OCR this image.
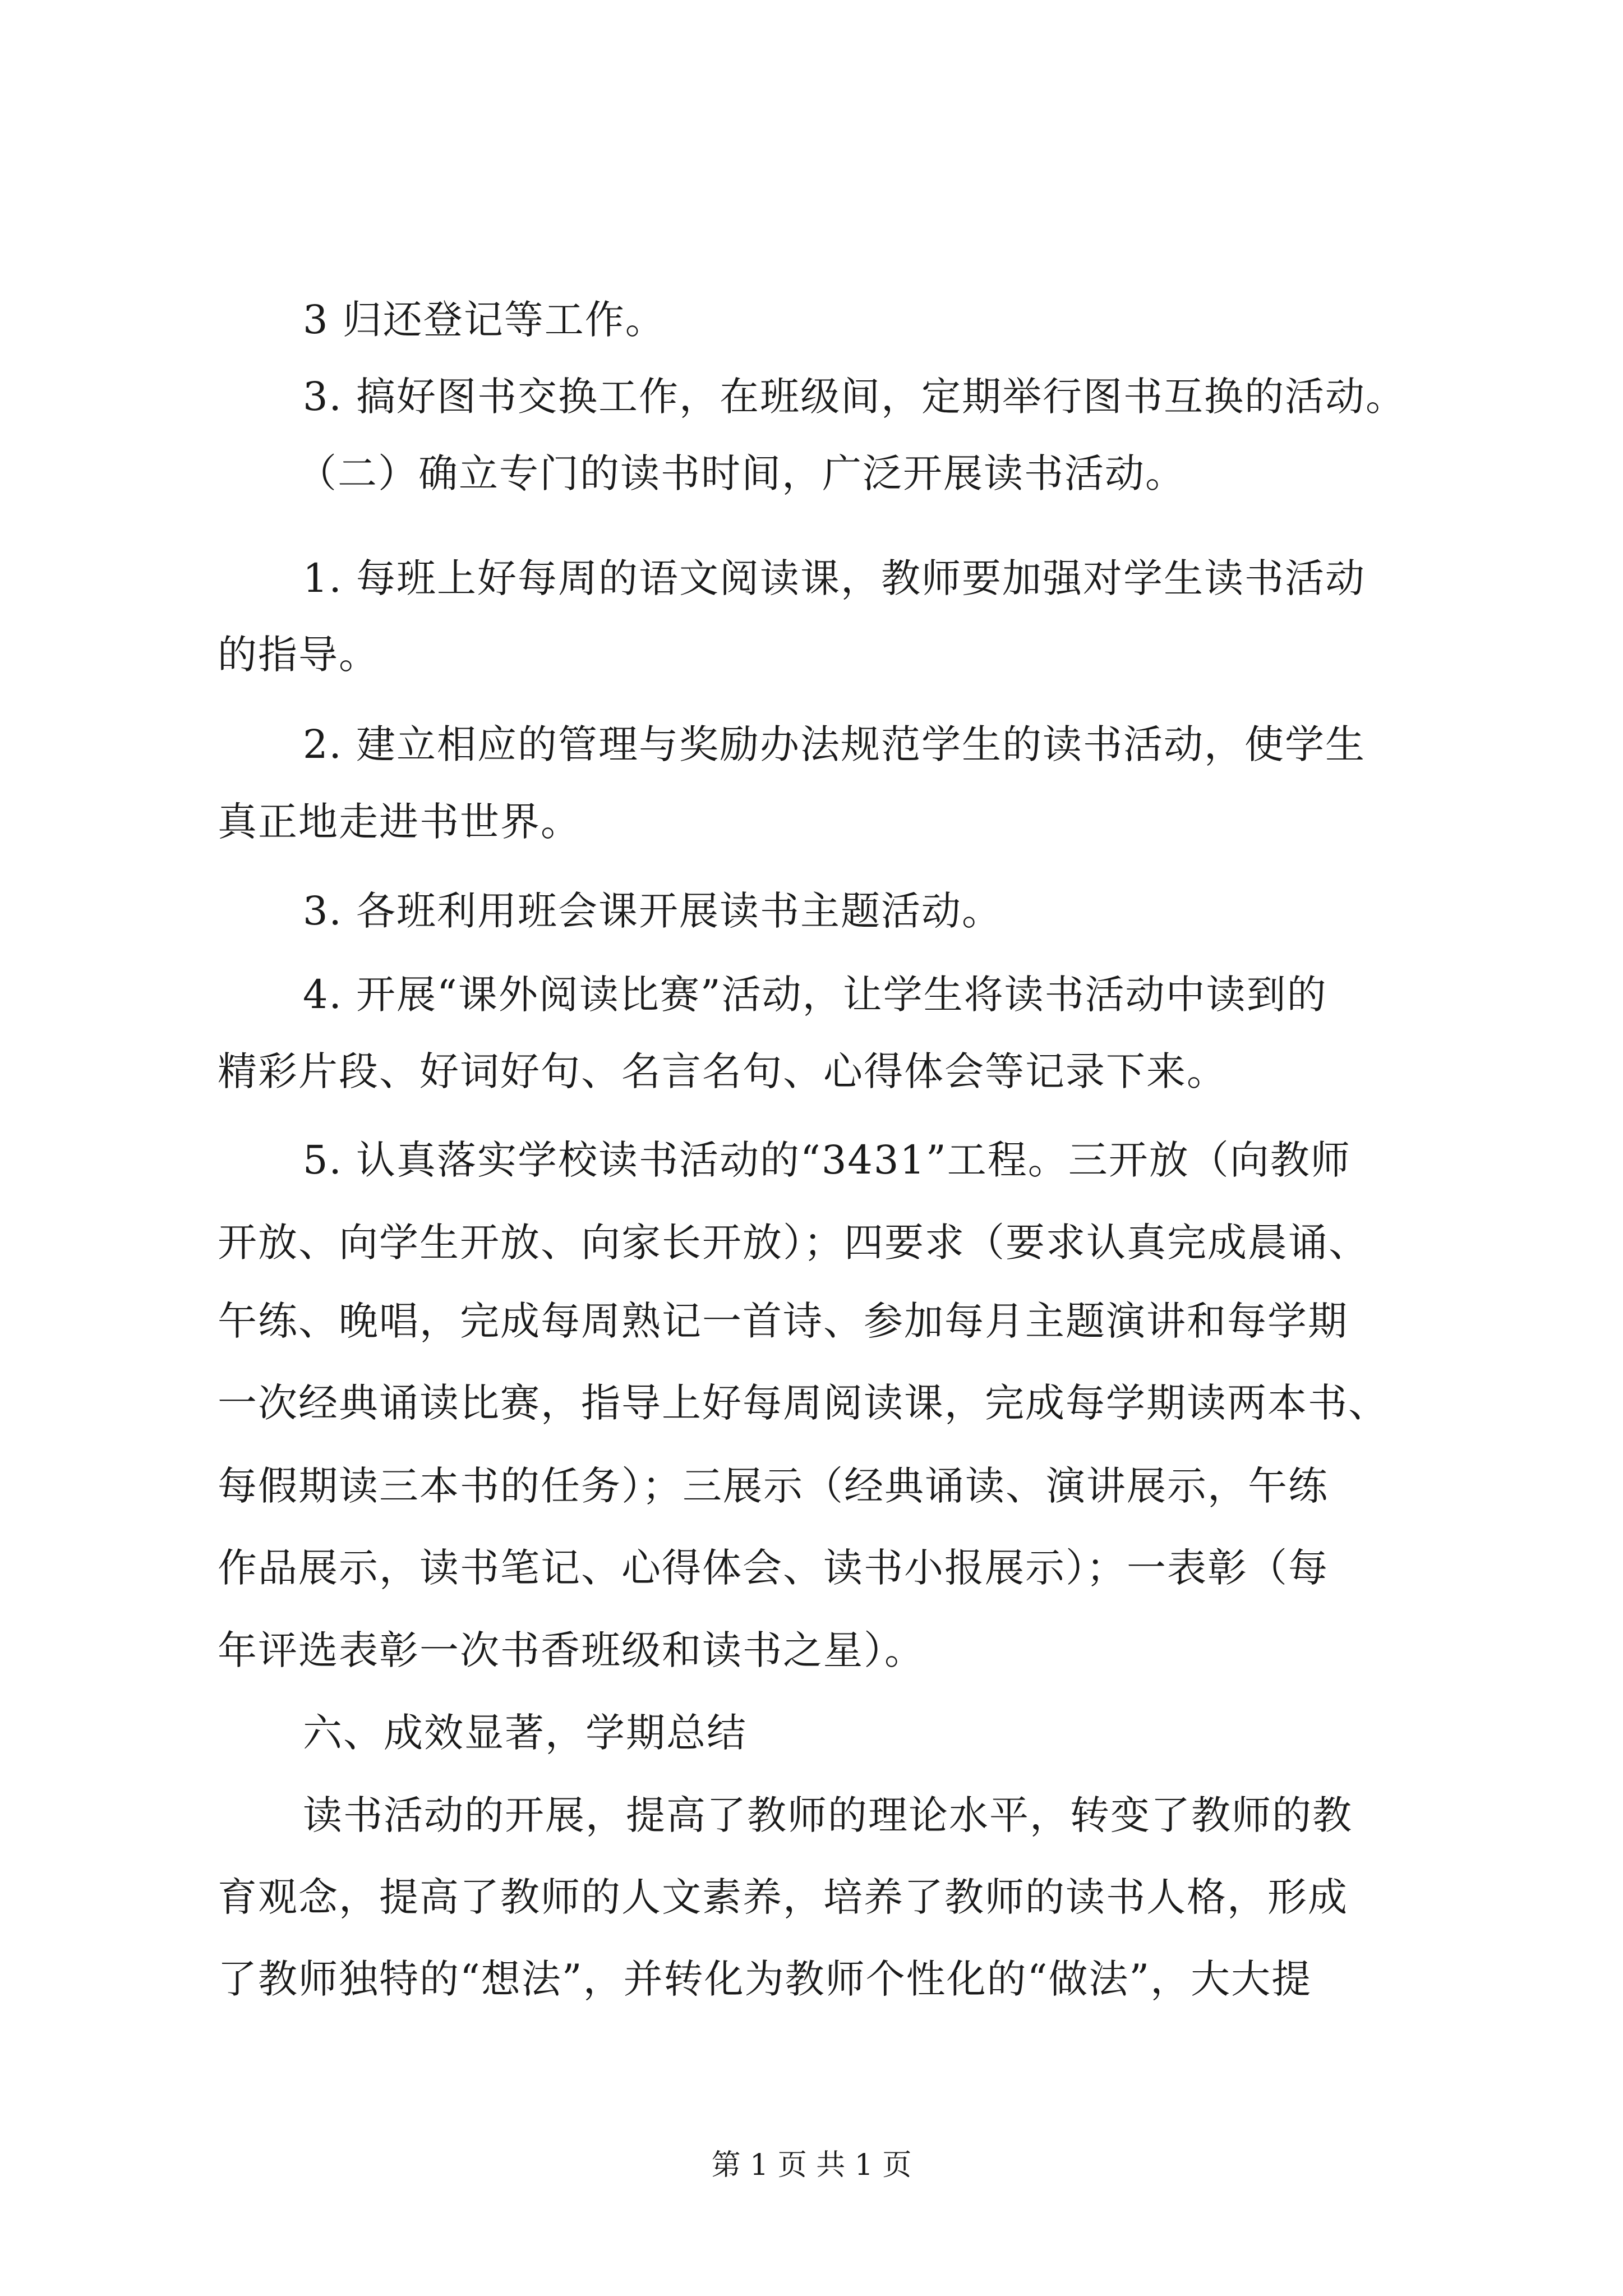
3 归还登记等工作。
3. 搞好图书交换工作，在班级间，定期举行图书互换的活动。
（二）确立专门的读书时间，广泛开展读书活动。
1. 每班上好每周的语文阅读课，教师要加强对学生读书活动
的指导。
2. 建立相应的管理与奖励办法规范学生的读书活动，使学生
真正地走进书世界。
3. 各班利用班会课开展读书主题活动。
4. 开展“课外阅读比赛”活动，让学生将读书活动中读到的
精彩片段、好词好句、名言名句、心得体会等记录下来。
5. 认真落实学校读书活动的“3431”工程。三开放（向教师
开放、向学生开放、向家长开放）；四要求（要求认真完成晨诵、
午练、晚唱，完成每周熟记一首诗、参加每月主题演讲和每学期
一次经典诵读比赛，指导上好每周阅读课，完成每学期读两本书、
每假期读三本书的任务）；三展示（经典诵读、演讲展示，午练
作品展示，读书笔记、心得体会、读书小报展示）；一表彰（每
年评选表彰一次书香班级和读书之星）。
六、成效显著，学期总结
读书活动的开展，提高了教师的理论水平，转变了教师的教
育观念，提高了教师的人文素养，培养了教师的读书人格，形成
了教师独特的“想法”，并转化为教师个性化的“做法”，大大提
第 1 页 共 1 页
